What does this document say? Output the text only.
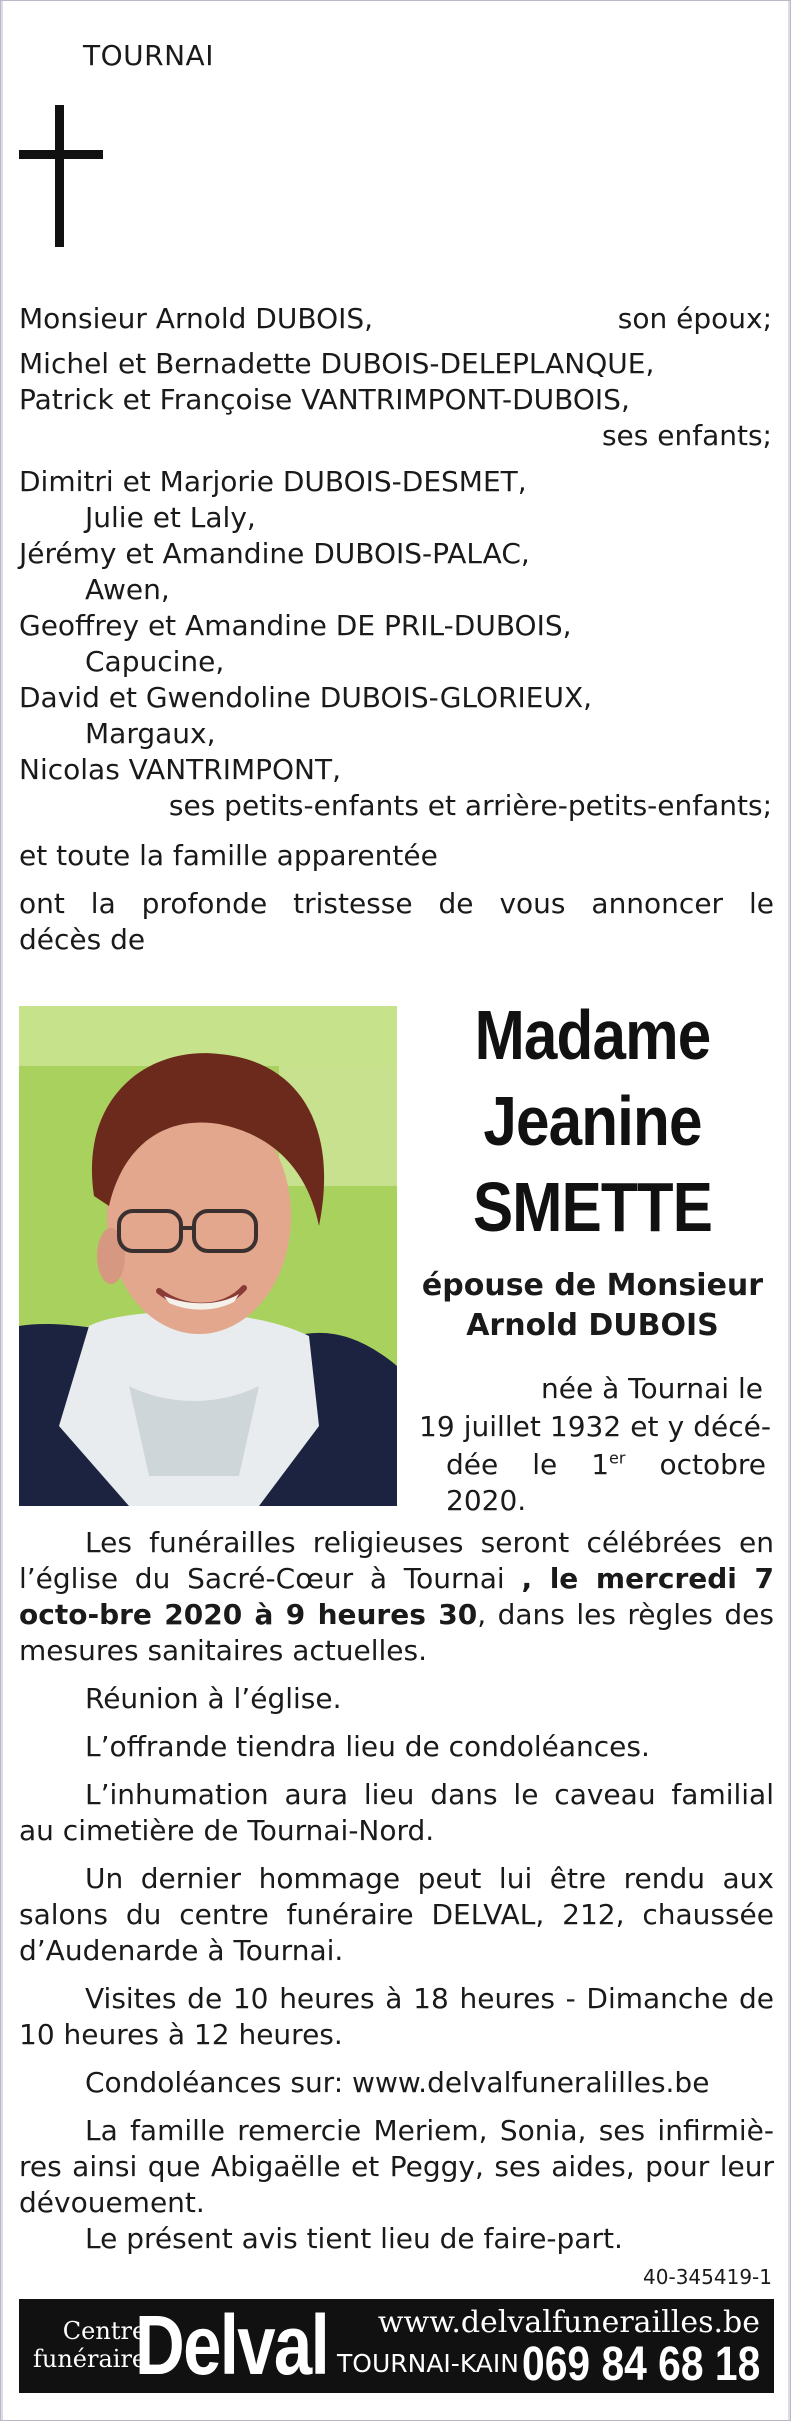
TOURNAI
Monsieur Arnold DUBOIS,	son époux;
Michel et Bernadette DUBOIS-DELEPLANQUE,
Patrick et Françoise VANTRIMPONT-DUBOIS,
ses enfants;
Dimitri et Marjorie DUBOIS-DESMET,
Julie et Laly,
Jérémy et Amandine DUBOIS-PALAC,
Awen,
Geoffrey et Amandine DE PRIL-DUBOIS,
Capucine,
David et Gwendoline DUBOIS-GLORIEUX,
Margaux,
Nicolas VANTRIMPONT,
ses petits-enfants et arrière-petits-enfants;
et toute la famille apparentée
ont la profonde tristesse de vous annoncer le
décès de
Madame
Jeanine
SMETTE
épouse de Monsieur
Arnold DUBOIS
née à Tournai le
19 juillet 1932 et y décé-
dée le 1er octobre 2020.
Les funérailles religieuses seront célébrées en l’église du Sacré-Cœur à Tournai , le mercredi 7 octo-bre 2020 à 9 heures 30, dans les règles des mesures sanitaires actuelles.
Réunion à l’église.
L’offrande tiendra lieu de condoléances.
L’inhumation aura lieu dans le caveau familial au cimetière de Tournai-Nord.
Un dernier hommage peut lui être rendu aux salons du centre funéraire DELVAL, 212, chaussée d’Audenarde à Tournai.
Visites de 10 heures à 18 heures - Dimanche de 10 heures à 12 heures.
Condoléances sur: www.delvalfuneralilles.be
La famille remercie Meriem, Sonia, ses infirmiè-res ainsi que Abigaëlle et Peggy, ses aides, pour leur dévouement.
Le présent avis tient lieu de faire-part.
40-345419-1
Centre
funéraire
Delval www.delvalfunerailles.be
TOURNAI-KAIN 069 84 68 18
